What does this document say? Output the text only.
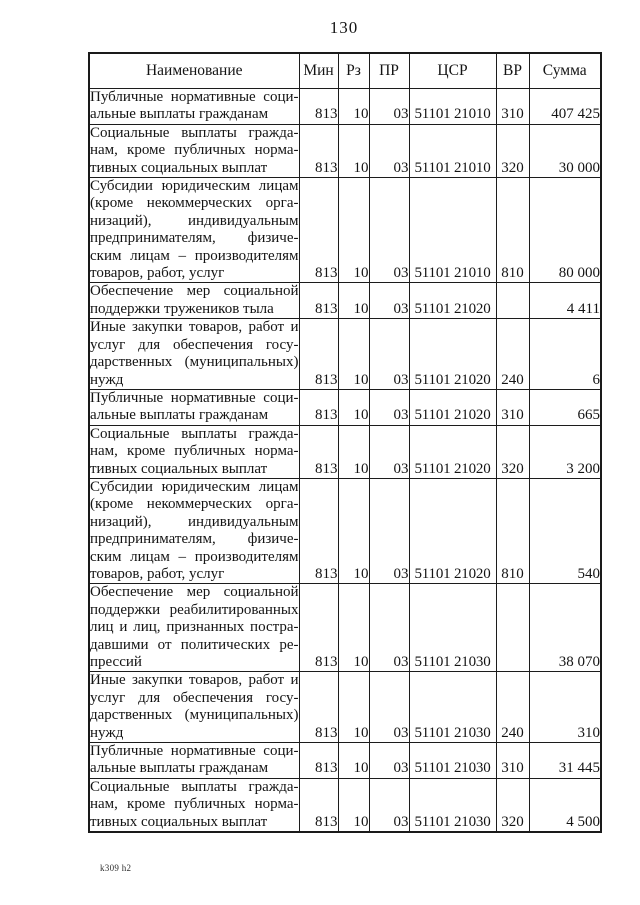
130
Наименование	Мин	Рз	ПР	ЦСР	ВР	Сумма
Публичные нормативные соци-альные выплаты гражданам	813	10	03	51101 21010	310	407 425
Социальные выплаты гражда-нам, кроме публичных норма-тивных социальных выплат	813	10	03	51101 21010	320	30 000
Субсидии юридическим лицам (кроме некоммерческих орга-низаций), индивидуальным предпринимателям, физиче-ским лицам – производителям товаров, работ, услуг	813	10	03	51101 21010	810	80 000
Обеспечение мер социальной поддержки тружеников тыла	813	10	03	51101 21020		4 411
Иные закупки товаров, работ и услуг для обеспечения госу-дарственных (муниципальных) нужд	813	10	03	51101 21020	240	6
Публичные нормативные соци-альные выплаты гражданам	813	10	03	51101 21020	310	665
Социальные выплаты гражда-нам, кроме публичных норма-тивных социальных выплат	813	10	03	51101 21020	320	3 200
Субсидии юридическим лицам (кроме некоммерческих орга-низаций), индивидуальным предпринимателям, физиче-ским лицам – производителям товаров, работ, услуг	813	10	03	51101 21020	810	540
Обеспечение мер социальной поддержки реабилитированных лиц и лиц, признанных постра-давшими от политических ре-прессий	813	10	03	51101 21030		38 070
Иные закупки товаров, работ и услуг для обеспечения госу-дарственных (муниципальных) нужд	813	10	03	51101 21030	240	310
Публичные нормативные соци-альные выплаты гражданам	813	10	03	51101 21030	310	31 445
Социальные выплаты гражда-нам, кроме публичных норма-тивных социальных выплат	813	10	03	51101 21030	320	4 500
k309 h2
